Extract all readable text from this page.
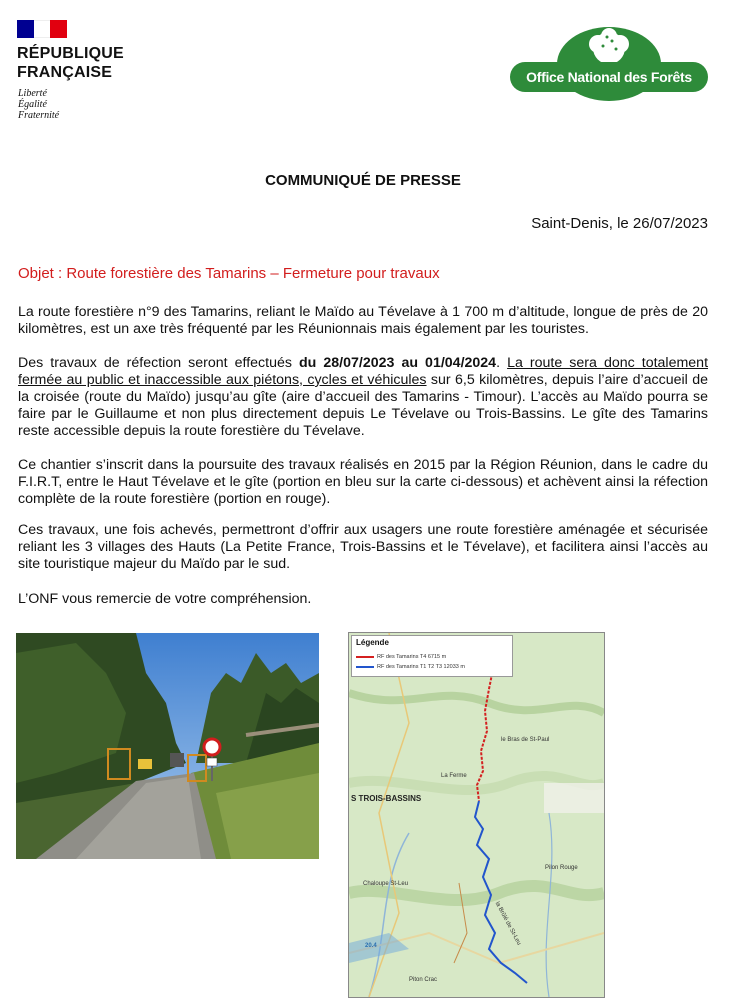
RÉPUBLIQUE
FRANÇAISE
Liberté
Égalité
Fraternité
Office National des Forêts
COMMUNIQUÉ DE PRESSE
Saint-Denis, le 26/07/2023
Objet : Route forestière des Tamarins – Fermeture pour travaux

La route forestière n°9 des Tamarins, reliant le Maïdo au Tévelave à 1 700 m d’altitude, longue de près de 20 kilomètres, est un axe très fréquenté par les Réunionnais mais également par les touristes.

Des travaux de réfection seront effectués du 28/07/2023 au 01/04/2024. La route sera donc totalement fermée au public et inaccessible aux piétons, cycles et véhicules sur 6,5 kilomètres, depuis l’aire d’accueil de la croisée (route du Maïdo) jusqu’au gîte (aire d’accueil des Tamarins - Timour). L’accès au Maïdo pourra se faire par le Guillaume et non plus directement depuis Le Tévelave ou Trois-Bassins. Le gîte des Tamarins reste accessible depuis la route forestière du Tévelave.

Ce chantier s’inscrit dans la poursuite des travaux réalisés en 2015 par la Région Réunion, dans le cadre du F.I.R.T, entre le Haut Tévelave et le gîte (portion en bleu sur la carte ci-dessous) et achèvent ainsi la réfection complète de la route forestière (portion en rouge).

Ces travaux, une fois achevés, permettront d’offrir aux usagers une route forestière aménagée et sécurisée reliant les 3 villages des Hauts (La Petite France, Trois-Bassins et le Tévelave), et facilitera ainsi l’accès au site touristique majeur du Maïdo par le sud.

L’ONF vous remercie de votre compréhension.

Légende
RF des Tamarins T4 6715 m
RF des Tamarins T1 T2 T3 12033 m
S TROIS-BASSINS
le Bras de St-Paul
La Ferme
Pilon Rouge
la Brûlé de St-Leu
Chaloupe St-Leu
Piton Crac
20.4
